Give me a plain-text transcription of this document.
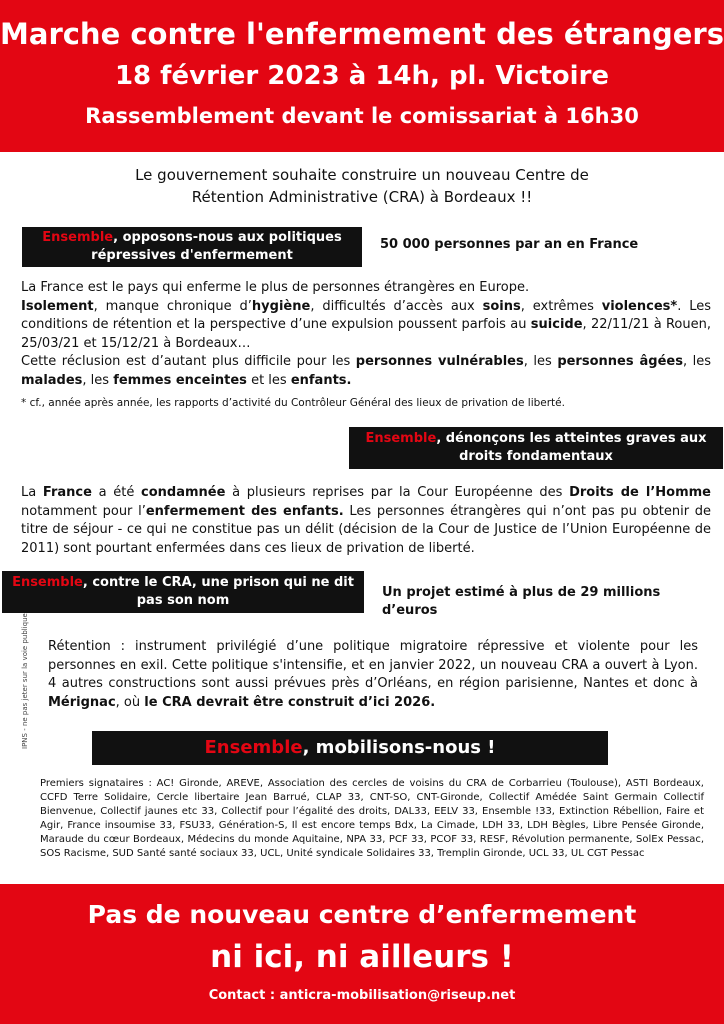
Marche contre l'enfermement des étrangers
18 février 2023 à 14h, pl. Victoire
Rassemblement devant le comissariat à 16h30
Le gouvernement souhaite construire un nouveau Centre de Rétention Administrative (CRA) à Bordeaux !!
Ensemble, opposons-nous aux politiques répressives d'enfermement
50 000 personnes par an en France
La France est le pays qui enferme le plus de personnes étrangères en Europe.
Isolement, manque chronique d’hygiène, difficultés d’accès aux soins, extrêmes violences*. Les conditions de rétention et la perspective d’une expulsion poussent parfois au suicide, 22/11/21 à Rouen, 25/03/21 et 15/12/21 à Bordeaux…
Cette réclusion est d’autant plus difficile pour les personnes vulnérables, les personnes âgées, les malades, les femmes enceintes et les enfants.
* cf., année après année, les rapports d’activité du Contrôleur Général des lieux de privation de liberté.
Ensemble, dénonçons les atteintes graves aux droits fondamentaux
La France a été condamnée à plusieurs reprises par la Cour Européenne des Droits de l’Homme notamment pour l’enfermement des enfants. Les personnes étrangères qui n’ont pas pu obtenir de titre de séjour - ce qui ne constitue pas un délit (décision de la Cour de Justice de l’Union Européenne de 2011) sont pourtant enfermées dans ces lieux de privation de liberté.
Ensemble, contre le CRA, une prison qui ne dit pas son nom
Un projet estimé à plus de 29 millions d’euros
Rétention : instrument privilégié d’une politique migratoire répressive et violente pour les personnes en exil. Cette politique s'intensifie, et en janvier 2022, un nouveau CRA a ouvert à Lyon. 4 autres constructions sont aussi prévues près d’Orléans, en région parisienne, Nantes et donc à Mérignac, où le CRA devrait être construit d’ici 2026.
IPNS - ne pas jeter sur la voie publique	Ensemble, mobilisons-nous !
Premiers signataires : AC! Gironde, AREVE, Association des cercles de voisins du CRA de Corbarrieu (Toulouse), ASTI Bordeaux, CCFD Terre Solidaire, Cercle libertaire Jean Barrué, CLAP 33, CNT-SO, CNT-Gironde, Collectif Amédée Saint Germain Collectif Bienvenue, Collectif jaunes etc 33, Collectif pour l’égalité des droits, DAL33, EELV 33, Ensemble !33, Extinction Rébellion, Faire et Agir, France insoumise 33, FSU33, Génération-S, Il est encore temps Bdx, La Cimade, LDH 33, LDH Bègles, Libre Pensée Gironde, Maraude du cœur Bordeaux, Médecins du monde Aquitaine, NPA 33, PCF 33, PCOF 33, RESF, Révolution permanente, SolEx Pessac, SOS Racisme, SUD Santé santé sociaux 33, UCL, Unité syndicale Solidaires 33, Tremplin Gironde, UCL 33, UL CGT Pessac
Pas de nouveau centre d’enfermement
ni ici, ni ailleurs !
Contact : anticra-mobilisation@riseup.net
